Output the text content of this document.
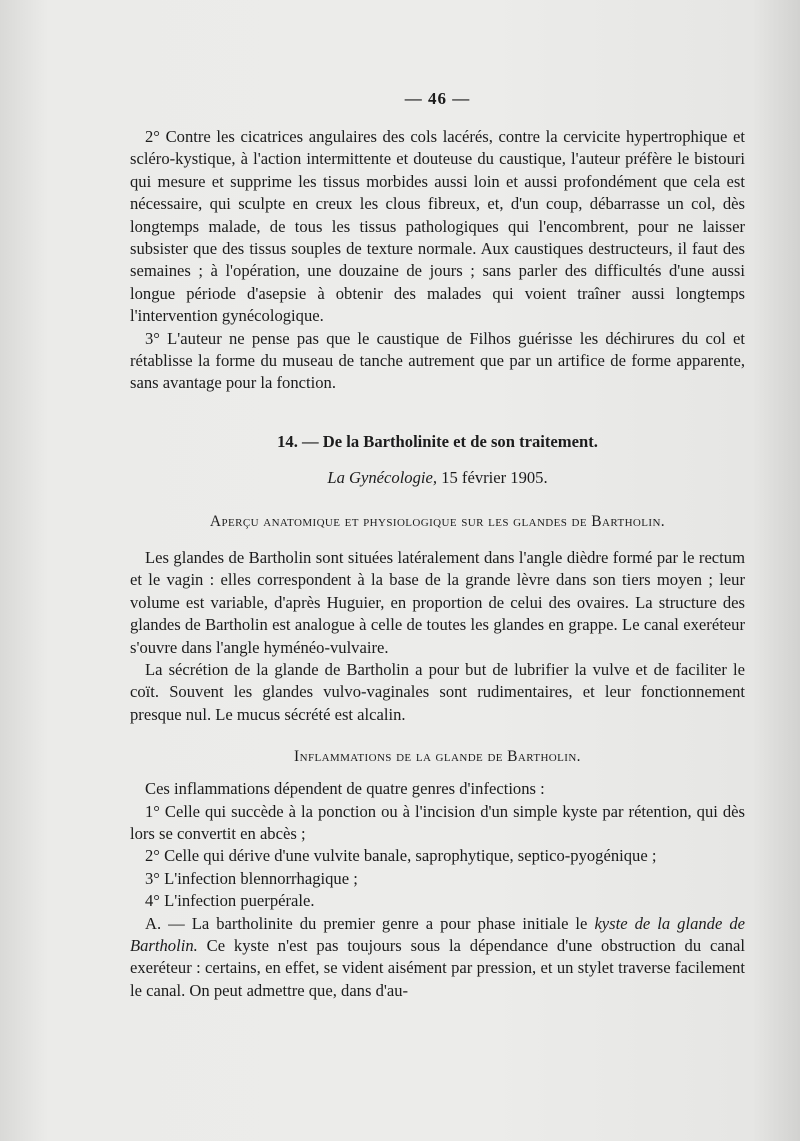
— 46 —

2° Contre les cicatrices angulaires des cols lacérés, contre la cervicite hypertrophique et scléro-kystique, à l'action intermittente et douteuse du caustique, l'auteur préfère le bistouri qui mesure et supprime les tissus morbides aussi loin et aussi profondément que cela est nécessaire, qui sculpte en creux les clous fibreux, et, d'un coup, débarrasse un col, dès longtemps malade, de tous les tissus pathologiques qui l'encombrent, pour ne laisser subsister que des tissus souples de texture normale. Aux caustiques destructeurs, il faut des semaines ; à l'opération, une douzaine de jours ; sans parler des difficultés d'une aussi longue période d'asepsie à obtenir des malades qui voient traîner aussi longtemps l'intervention gynécologique.

3° L'auteur ne pense pas que le caustique de Filhos guérisse les déchirures du col et rétablisse la forme du museau de tanche autrement que par un artifice de forme apparente, sans avantage pour la fonction.

14. — De la Bartholinite et de son traitement.
La Gynécologie, 15 février 1905.
Aperçu anatomique et physiologique sur les glandes de Bartholin.

Les glandes de Bartholin sont situées latéralement dans l'angle dièdre formé par le rectum et le vagin : elles correspondent à la base de la grande lèvre dans son tiers moyen ; leur volume est variable, d'après Huguier, en proportion de celui des ovaires. La structure des glandes de Bartholin est analogue à celle de toutes les glandes en grappe. Le canal exeréteur s'ouvre dans l'angle hyménéo-vulvaire.

La sécrétion de la glande de Bartholin a pour but de lubrifier la vulve et de faciliter le coït. Souvent les glandes vulvo-vaginales sont rudimentaires, et leur fonctionnement presque nul. Le mucus sécrété est alcalin.

Inflammations de la glande de Bartholin.

Ces inflammations dépendent de quatre genres d'infections :

1° Celle qui succède à la ponction ou à l'incision d'un simple kyste par rétention, qui dès lors se convertit en abcès ;

2° Celle qui dérive d'une vulvite banale, saprophytique, septico-pyogénique ;

3° L'infection blennorrhagique ;

4° L'infection puerpérale.

A. — La bartholinite du premier genre a pour phase initiale le kyste de la glande de Bartholin. Ce kyste n'est pas toujours sous la dépendance d'une obstruction du canal exeréteur : certains, en effet, se vident aisément par pression, et un stylet traverse facilement le canal. On peut admettre que, dans d'au-
